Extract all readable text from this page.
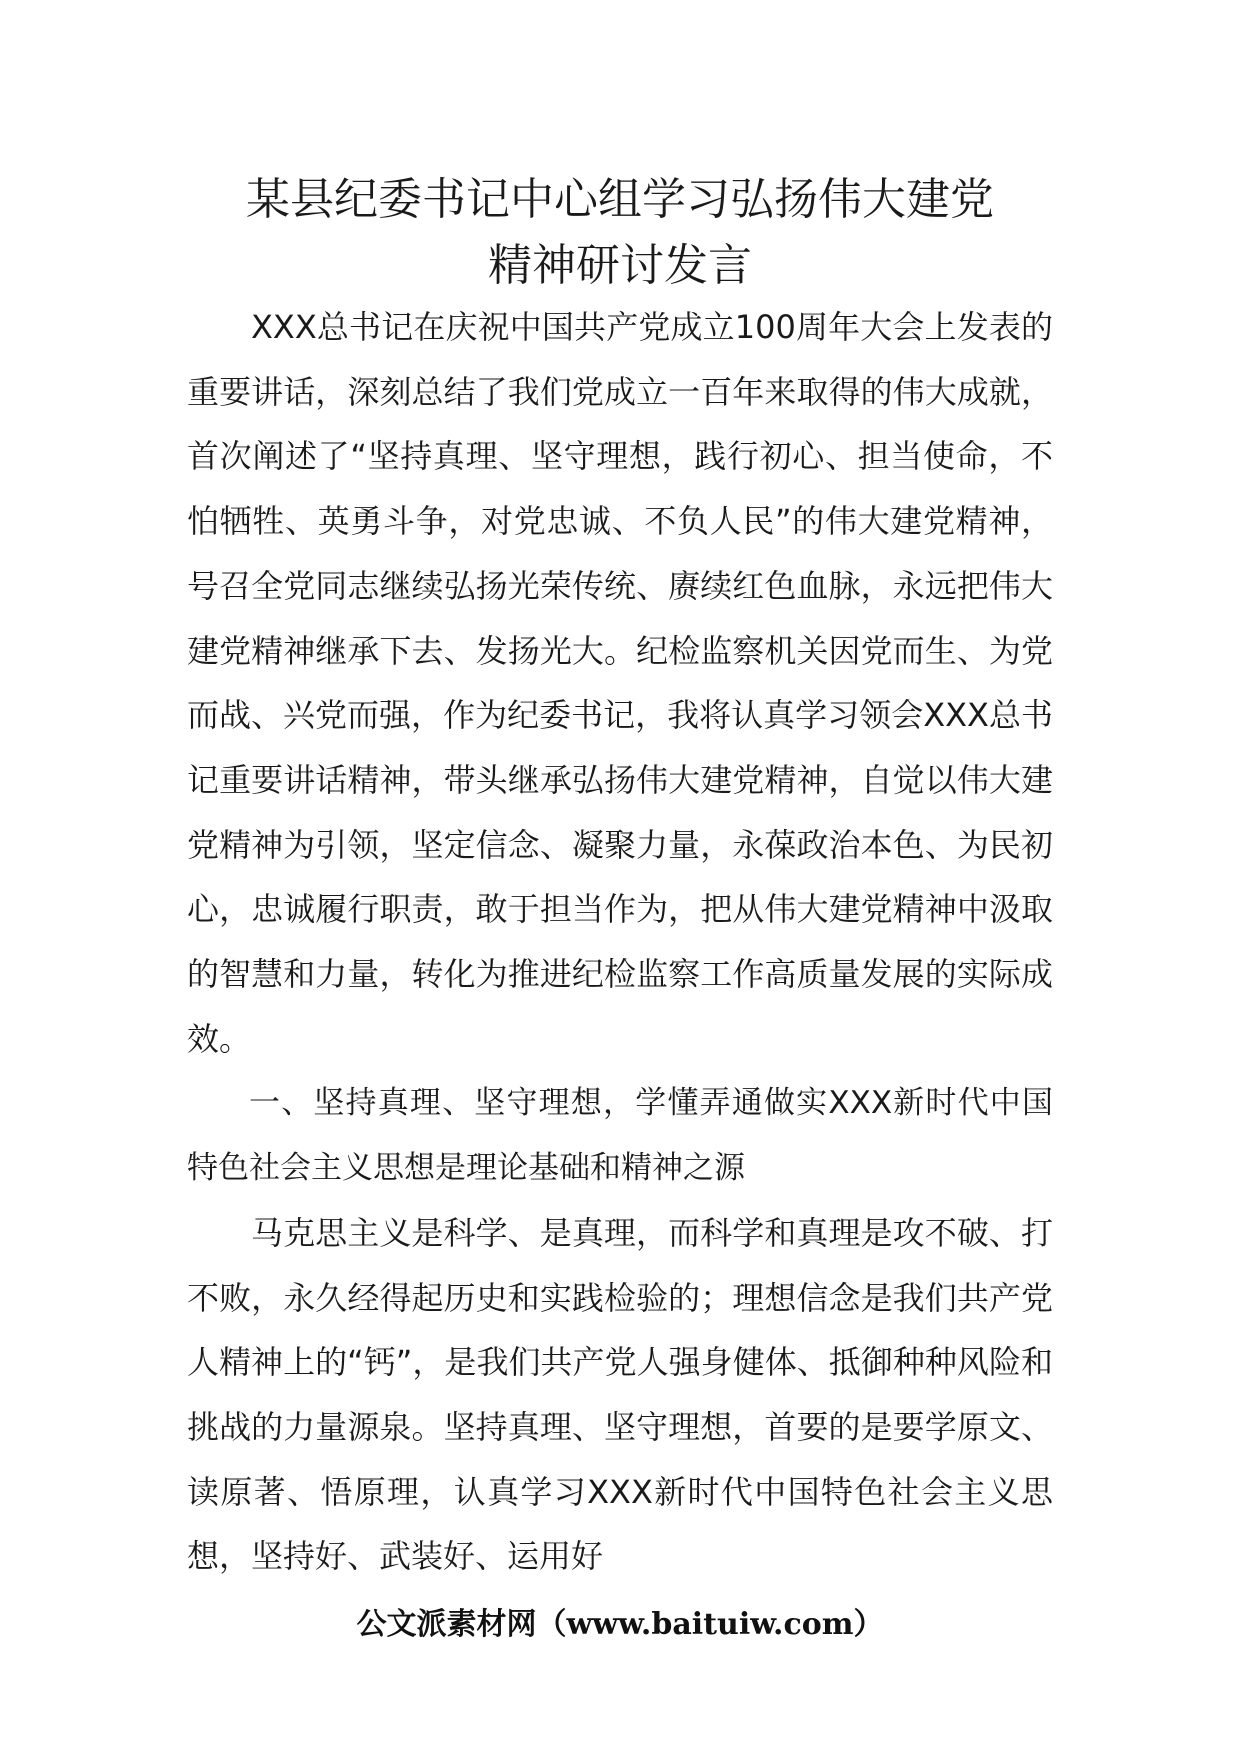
某县纪委书记中心组学习弘扬伟大建党
精神研讨发言

XXX总书记在庆祝中国共产党成立100周年大会上发表的重要讲话，深刻总结了我们党成立一百年来取得的伟大成就，首次阐述了“坚持真理、坚守理想，践行初心、担当使命，不怕牺牲、英勇斗争，对党忠诚、不负人民”的伟大建党精神，号召全党同志继续弘扬光荣传统、赓续红色血脉，永远把伟大建党精神继承下去、发扬光大。纪检监察机关因党而生、为党而战、兴党而强，作为纪委书记，我将认真学习领会XXX总书记重要讲话精神，带头继承弘扬伟大建党精神，自觉以伟大建党精神为引领，坚定信念、凝聚力量，永葆政治本色、为民初心，忠诚履行职责，敢于担当作为，把从伟大建党精神中汲取的智慧和力量，转化为推进纪检监察工作高质量发展的实际成效。

一、坚持真理、坚守理想，学懂弄通做实XXX新时代中国特色社会主义思想是理论基础和精神之源

马克思主义是科学、是真理，而科学和真理是攻不破、打不败，永久经得起历史和实践检验的；理想信念是我们共产党人精神上的“钙”，是我们共产党人强身健体、抵御种种风险和挑战的力量源泉。坚持真理、坚守理想，首要的是要学原文、读原著、悟原理，认真学习XXX新时代中国特色社会主义思想，坚持好、武装好、运用好

公文派素材网（www.baituiw.com）
